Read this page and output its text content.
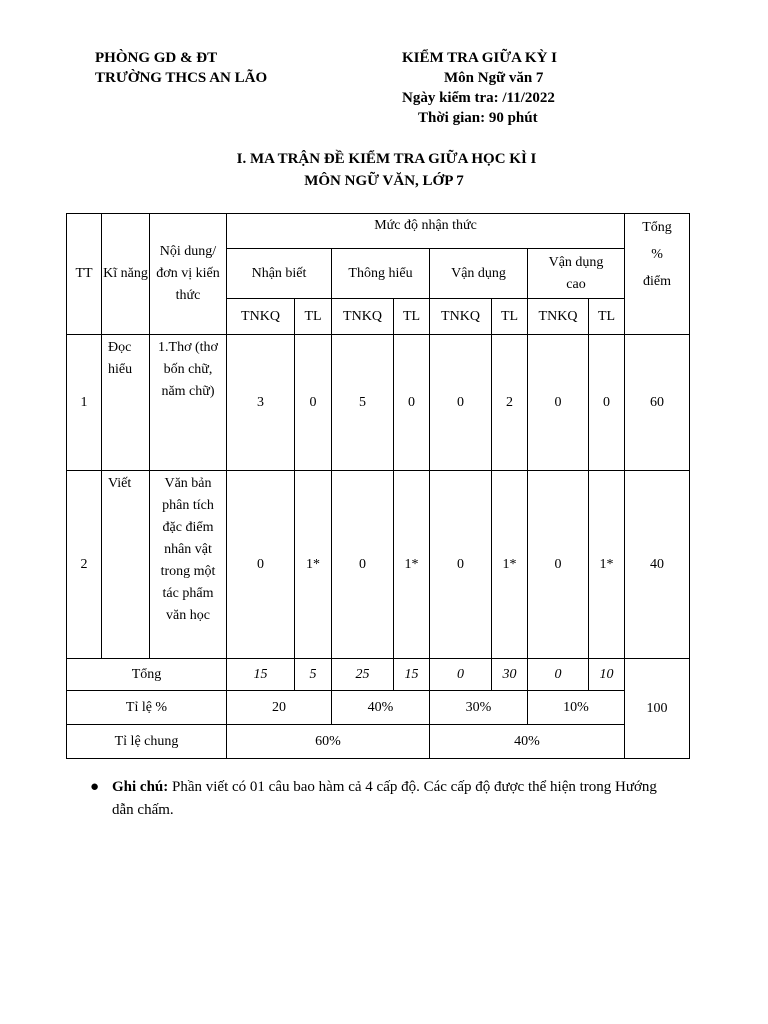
PHÒNG GD & ĐT
TRƯỜNG THCS AN LÃO
KIỂM TRA GIỮA KỲ I
Môn Ngữ văn 7
Ngày kiểm tra: /11/2022
Thời gian: 90 phút
I. MA TRẬN ĐỀ KIỂM TRA GIỮA HỌC KÌ I
MÔN NGỮ VĂN, LỚP 7
TT	Kĩ năng	Nội dung/đơn vị kiến thức	Mức độ nhận thức								Tổng % điểm
			Nhận biết		Thông hiểu		Vận dụng		Vận dụng cao		
			TNKQ	TL	TNKQ	TL	TNKQ	TL	TNKQ	TL	
1	Đọc hiểu	1.Thơ (thơ bốn chữ, năm chữ)	3	0	5	0	0	2	0	0	60
2	Viết	Văn bản phân tích đặc điểm nhân vật trong một tác phẩm văn học	0	1*	0	1*	0	1*	0	1*	40
Tổng			15	5	25	15	0	30	0	10	100
Tỉ lệ %			20		40%		30%		10%		
Tỉ lệ chung			60%				40%				
● Ghi chú: Phần viết có 01 câu bao hàm cả 4 cấp độ. Các cấp độ được thể hiện trong Hướng dẫn chấm.
